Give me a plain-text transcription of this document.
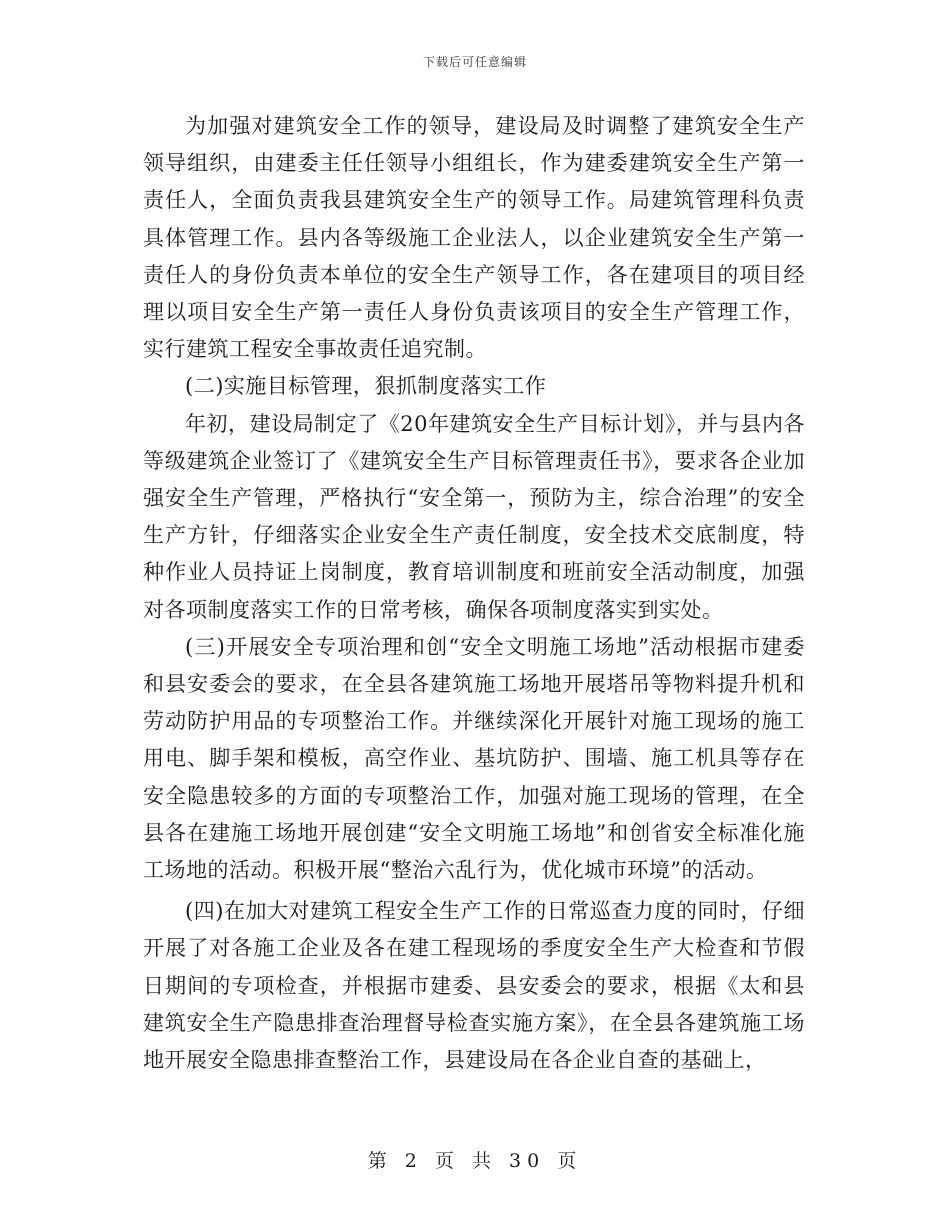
下载后可任意编辑

为加强对建筑安全工作的领导，建设局及时调整了建筑安全生产领导组织，由建委主任任领导小组组长，作为建委建筑安全生产第一责任人，全面负责我县建筑安全生产的领导工作。局建筑管理科负责具体管理工作。县内各等级施工企业法人，以企业建筑安全生产第一责任人的身份负责本单位的安全生产领导工作，各在建项目的项目经理以项目安全生产第一责任人身份负责该项目的安全生产管理工作，实行建筑工程安全事故责任追究制。

(二)实施目标管理，狠抓制度落实工作

年初，建设局制定了《20年建筑安全生产目标计划》，并与县内各等级建筑企业签订了《建筑安全生产目标管理责任书》，要求各企业加强安全生产管理，严格执行“安全第一，预防为主，综合治理”的安全生产方针，仔细落实企业安全生产责任制度，安全技术交底制度，特种作业人员持证上岗制度，教育培训制度和班前安全活动制度，加强对各项制度落实工作的日常考核，确保各项制度落实到实处。

(三)开展安全专项治理和创“安全文明施工场地”活动根据市建委和县安委会的要求，在全县各建筑施工场地开展塔吊等物料提升机和劳动防护用品的专项整治工作。并继续深化开展针对施工现场的施工用电、脚手架和模板，高空作业、基坑防护、围墙、施工机具等存在安全隐患较多的方面的专项整治工作，加强对施工现场的管理，在全县各在建施工场地开展创建“安全文明施工场地”和创省安全标准化施工场地的活动。积极开展“整治六乱行为，优化城市环境”的活动。

(四)在加大对建筑工程安全生产工作的日常巡查力度的同时，仔细开展了对各施工企业及各在建工程现场的季度安全生产大检查和节假日期间的专项检查，并根据市建委、县安委会的要求，根据《太和县建筑安全生产隐患排查治理督导检查实施方案》，在全县各建筑施工场地开展安全隐患排查整治工作，县建设局在各企业自查的基础上，

第 2 页 共 30 页
